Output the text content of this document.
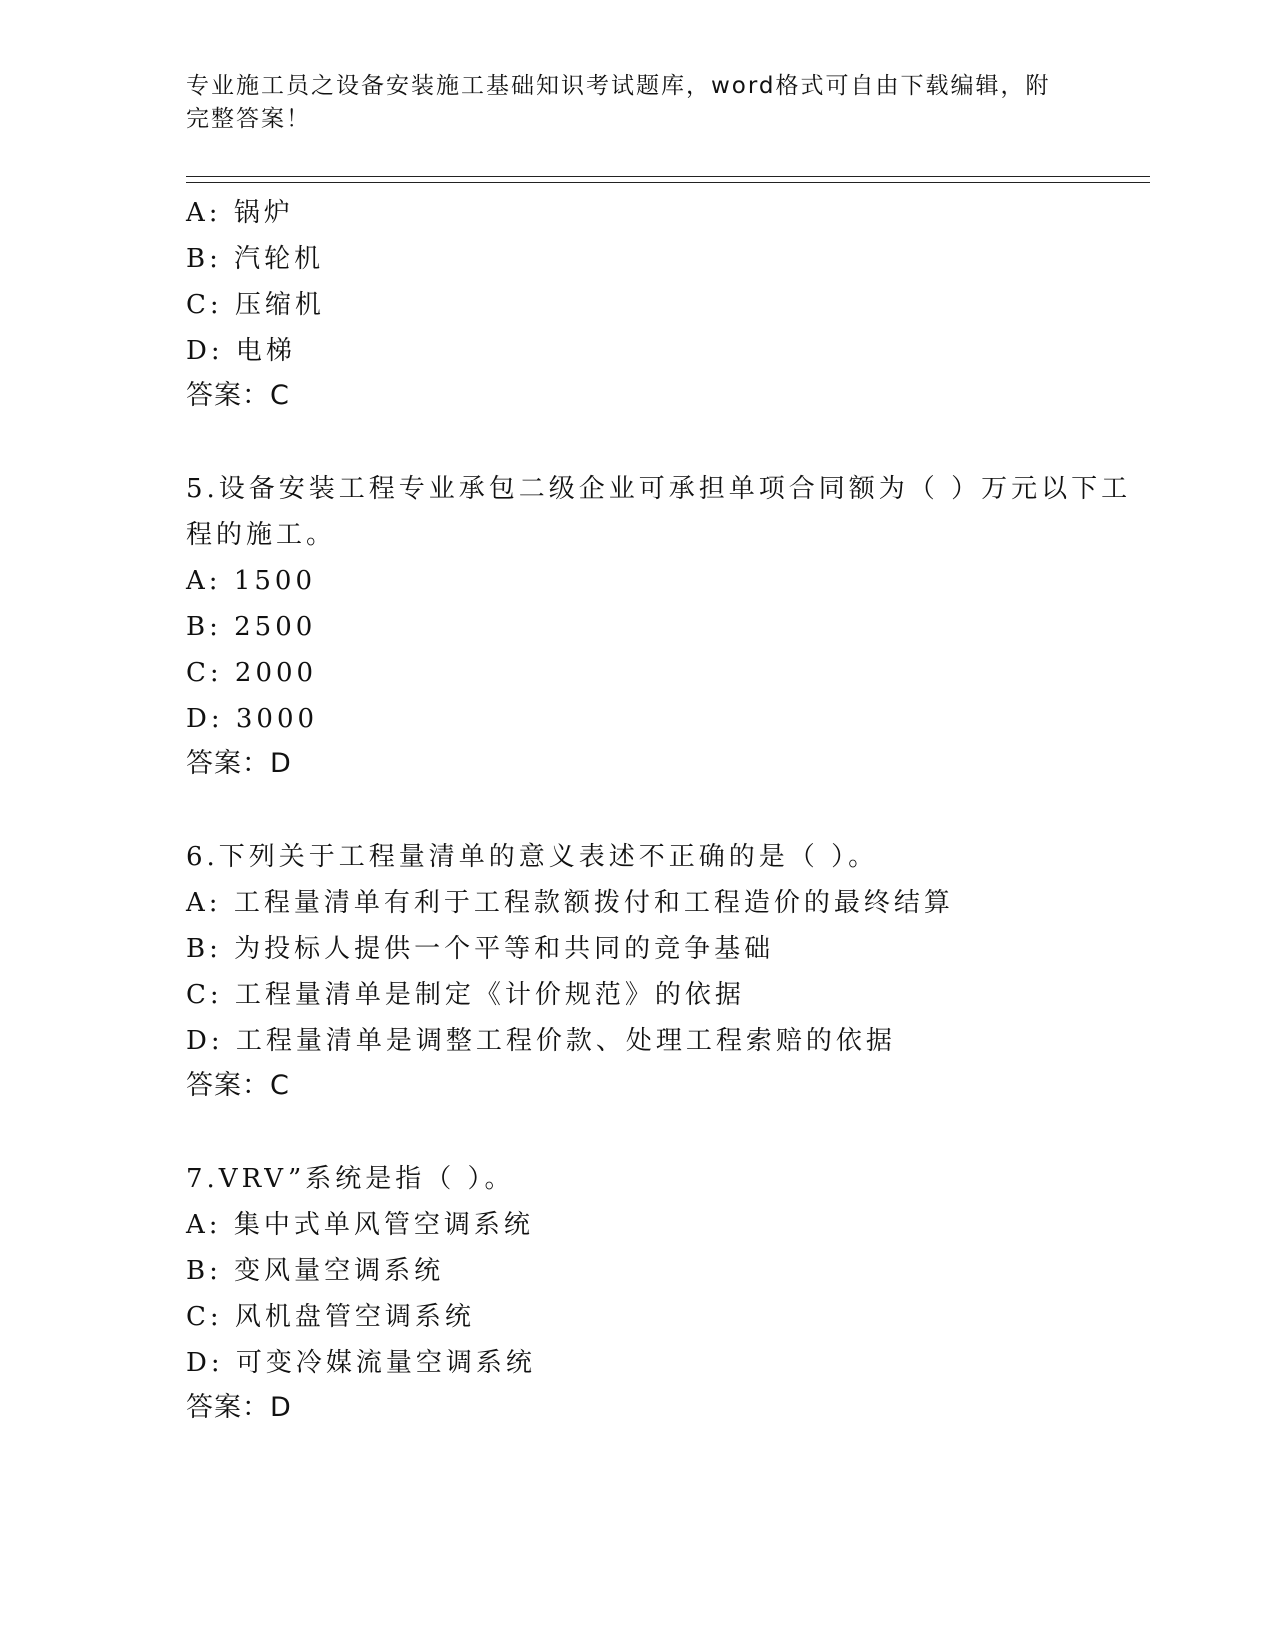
专业施工员之设备安装施工基础知识考试题库，word格式可自由下载编辑，附完整答案！
A: 锅炉
B: 汽轮机
C: 压缩机
D: 电梯
答案：C
5.设备安装工程专业承包二级企业可承担单项合同额为（ ）万元以下工程的施工。
A: 1500
B: 2500
C: 2000
D: 3000
答案：D
6.下列关于工程量清单的意义表述不正确的是（ ）。
A: 工程量清单有利于工程款额拨付和工程造价的最终结算
B: 为投标人提供一个平等和共同的竞争基础
C: 工程量清单是制定《计价规范》的依据
D: 工程量清单是调整工程价款、处理工程索赔的依据
答案：C
7.VRV”系统是指（ ）。
A: 集中式单风管空调系统
B: 变风量空调系统
C: 风机盘管空调系统
D: 可变冷媒流量空调系统
答案：D
